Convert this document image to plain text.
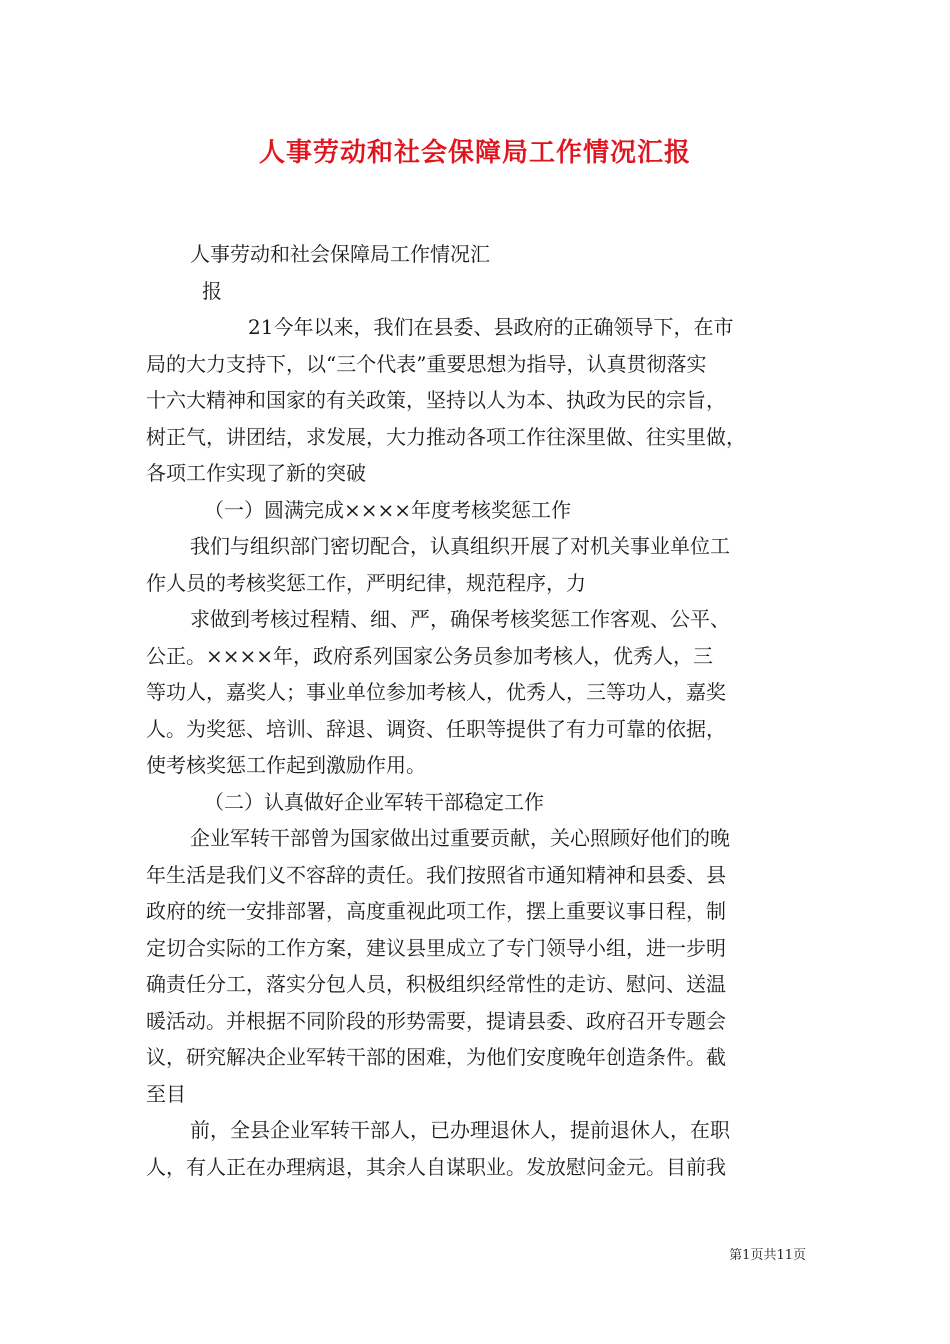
人事劳动和社会保障局工作情况汇报

人事劳动和社会保障局工作情况汇

报

21今年以来，我们在县委、县政府的正确领导下，在市

局的大力支持下，以“三个代表”重要思想为指导，认真贯彻落实

十六大精神和国家的有关政策，坚持以人为本、执政为民的宗旨，

树正气，讲团结，求发展，大力推动各项工作往深里做、往实里做，

各项工作实现了新的突破

（一）圆满完成××××年度考核奖惩工作

我们与组织部门密切配合，认真组织开展了对机关事业单位工

作人员的考核奖惩工作，严明纪律，规范程序，力

求做到考核过程精、细、严，确保考核奖惩工作客观、公平、

公正。××××年，政府系列国家公务员参加考核人，优秀人，三

等功人，嘉奖人；事业单位参加考核人，优秀人，三等功人，嘉奖

人。为奖惩、培训、辞退、调资、任职等提供了有力可靠的依据，

使考核奖惩工作起到激励作用。

（二）认真做好企业军转干部稳定工作

企业军转干部曾为国家做出过重要贡献，关心照顾好他们的晚

年生活是我们义不容辞的责任。我们按照省市通知精神和县委、县

政府的统一安排部署，高度重视此项工作，摆上重要议事日程，制

定切合实际的工作方案，建议县里成立了专门领导小组，进一步明

确责任分工，落实分包人员，积极组织经常性的走访、慰问、送温

暖活动。并根据不同阶段的形势需要，提请县委、政府召开专题会

议，研究解决企业军转干部的困难，为他们安度晚年创造条件。截

至目

前，全县企业军转干部人，已办理退休人，提前退休人，在职

人，有人正在办理病退，其余人自谋职业。发放慰问金元。目前我

第1页共11页
